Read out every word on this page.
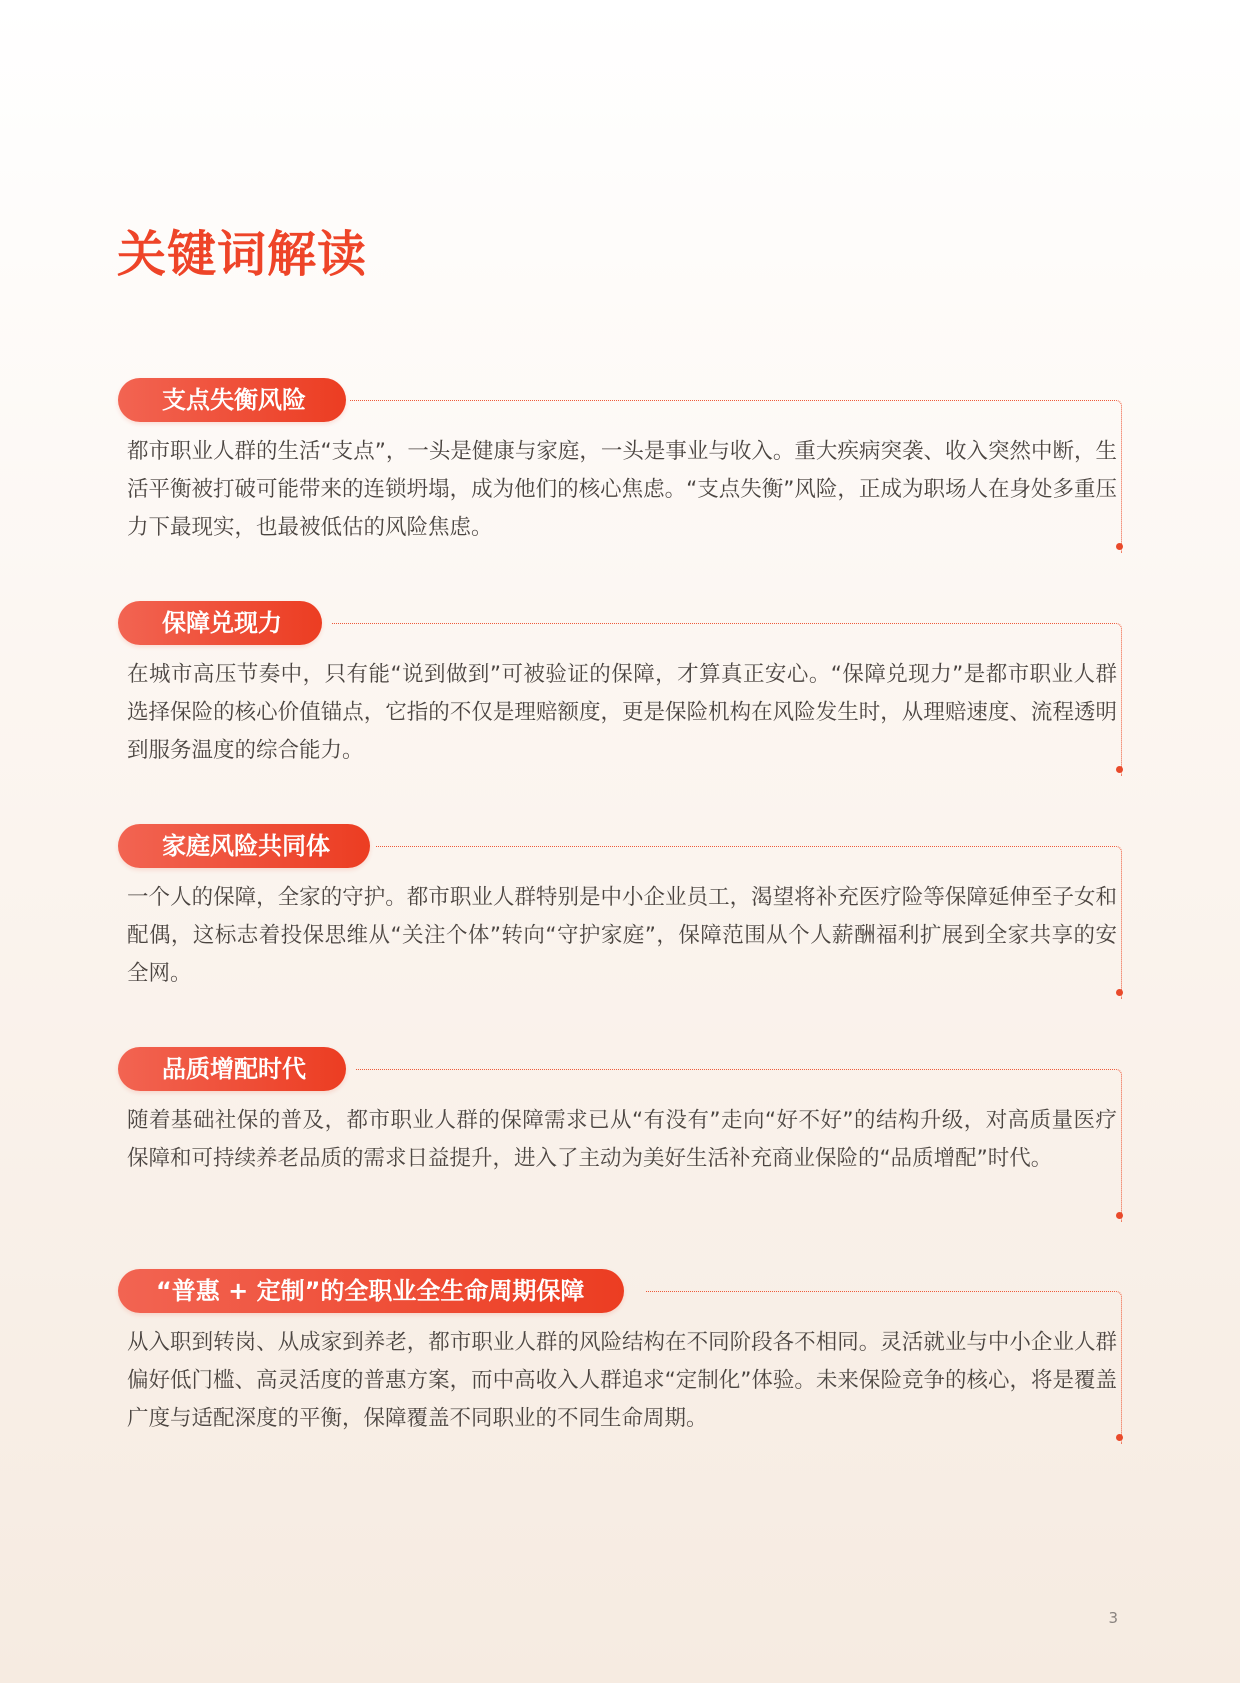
关键词解读
支点失衡风险

都市职业人群的生活“支点”，一头是健康与家庭，一头是事业与收入。重大疾病突袭、收入突然中断，生活平衡被打破可能带来的连锁坍塌，成为他们的核心焦虑。“支点失衡”风险，正成为职场人在身处多重压力下最现实，也最被低估的风险焦虑。

保障兑现力

在城市高压节奏中，只有能“说到做到”可被验证的保障，才算真正安心。“保障兑现力”是都市职业人群选择保险的核心价值锚点，它指的不仅是理赔额度，更是保险机构在风险发生时，从理赔速度、流程透明到服务温度的综合能力。

家庭风险共同体

一个人的保障，全家的守护。都市职业人群特别是中小企业员工，渴望将补充医疗险等保障延伸至子女和配偶，这标志着投保思维从“关注个体”转向“守护家庭”，保障范围从个人薪酬福利扩展到全家共享的安全网。

品质增配时代

随着基础社保的普及，都市职业人群的保障需求已从“有没有”走向“好不好”的结构升级，对高质量医疗保障和可持续养老品质的需求日益提升，进入了主动为美好生活补充商业保险的“品质增配”时代。

“普惠 + 定制”的全职业全生命周期保障

从入职到转岗、从成家到养老，都市职业人群的风险结构在不同阶段各不相同。灵活就业与中小企业人群偏好低门槛、高灵活度的普惠方案，而中高收入人群追求“定制化”体验。未来保险竞争的核心，将是覆盖广度与适配深度的平衡，保障覆盖不同职业的不同生命周期。

3
